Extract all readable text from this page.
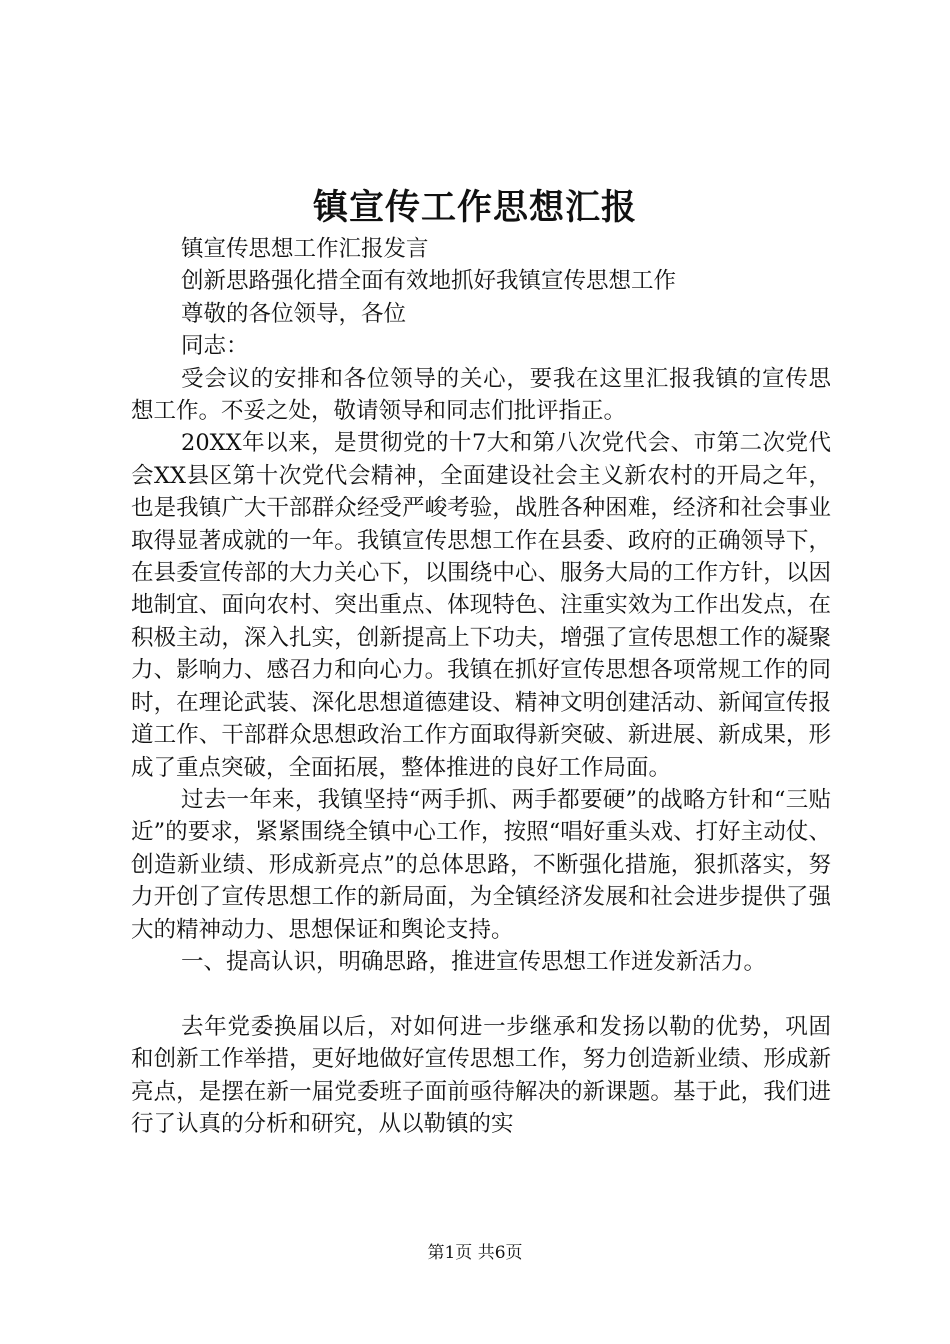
镇宣传工作思想汇报

镇宣传思想工作汇报发言

创新思路强化措全面有效地抓好我镇宣传思想工作

尊敬的各位领导，各位

同志：

受会议的安排和各位领导的关心，要我在这里汇报我镇的宣传思想工作。不妥之处，敬请领导和同志们批评指正。

20XX年以来，是贯彻党的十7大和第八次党代会、市第二次党代会XX县区第十次党代会精神，全面建设社会主义新农村的开局之年，也是我镇广大干部群众经受严峻考验，战胜各种困难，经济和社会事业取得显著成就的一年。我镇宣传思想工作在县委、政府的正确领导下，在县委宣传部的大力关心下，以围绕中心、服务大局的工作方针，以因地制宜、面向农村、突出重点、体现特色、注重实效为工作出发点，在积极主动，深入扎实，创新提高上下功夫，增强了宣传思想工作的凝聚力、影响力、感召力和向心力。我镇在抓好宣传思想各项常规工作的同时，在理论武装、深化思想道德建设、精神文明创建活动、新闻宣传报道工作、干部群众思想政治工作方面取得新突破、新进展、新成果，形成了重点突破，全面拓展，整体推进的良好工作局面。

过去一年来，我镇坚持“两手抓、两手都要硬”的战略方针和“三贴近”的要求，紧紧围绕全镇中心工作，按照“唱好重头戏、打好主动仗、创造新业绩、形成新亮点”的总体思路，不断强化措施，狠抓落实，努力开创了宣传思想工作的新局面，为全镇经济发展和社会进步提供了强大的精神动力、思想保证和舆论支持。

一、提高认识，明确思路，推进宣传思想工作迸发新活力。

去年党委换届以后，对如何进一步继承和发扬以勒的优势，巩固和创新工作举措，更好地做好宣传思想工作，努力创造新业绩、形成新亮点，是摆在新一届党委班子面前亟待解决的新课题。基于此，我们进行了认真的分析和研究，从以勒镇的实

第1页 共6页
